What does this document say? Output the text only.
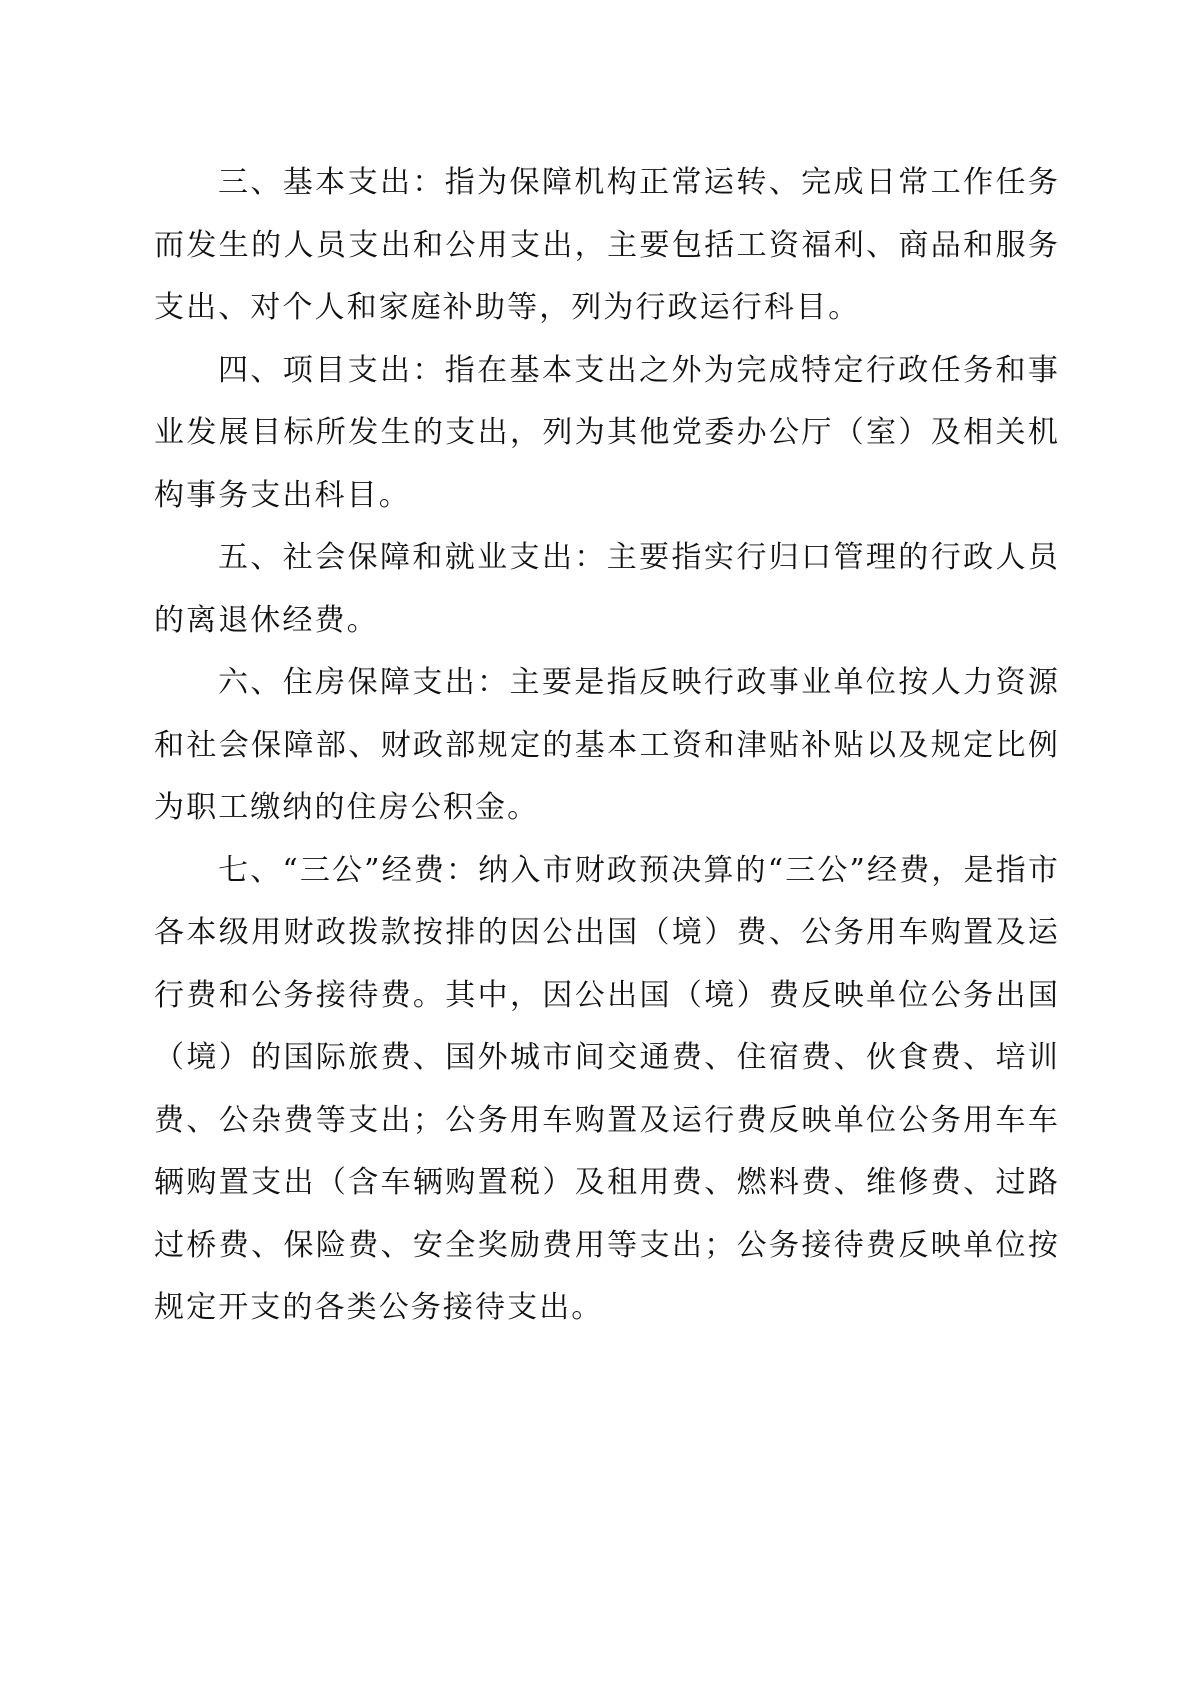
三、基本支出：指为保障机构正常运转、完成日常工作任务而发生的人员支出和公用支出，主要包括工资福利、商品和服务支出、对个人和家庭补助等，列为行政运行科目。

四、项目支出：指在基本支出之外为完成特定行政任务和事业发展目标所发生的支出，列为其他党委办公厅（室）及相关机构事务支出科目。

五、社会保障和就业支出：主要指实行归口管理的行政人员的离退休经费。

六、住房保障支出：主要是指反映行政事业单位按人力资源和社会保障部、财政部规定的基本工资和津贴补贴以及规定比例为职工缴纳的住房公积金。

七、“三公”经费：纳入市财政预决算的“三公”经费，是指市各本级用财政拨款按排的因公出国（境）费、公务用车购置及运行费和公务接待费。其中，因公出国（境）费反映单位公务出国（境）的国际旅费、国外城市间交通费、住宿费、伙食费、培训费、公杂费等支出；公务用车购置及运行费反映单位公务用车车辆购置支出（含车辆购置税）及租用费、燃料费、维修费、过路过桥费、保险费、安全奖励费用等支出；公务接待费反映单位按规定开支的各类公务接待支出。
